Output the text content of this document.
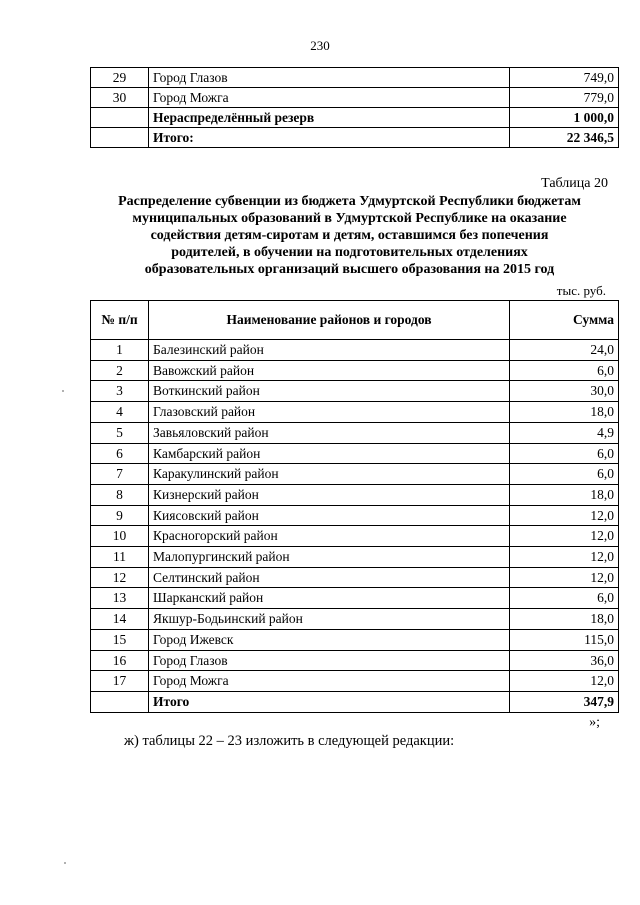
230
29	Город Глазов	749,0
30	Город Можга	779,0
	Нераспределённый резерв	1 000,0
	Итого:	22 346,5
Таблица 20
Распределение субвенции из бюджета Удмуртской Республики бюджетам
муниципальных образований в Удмуртской Республике на оказание
содействия детям-сиротам и детям, оставшимся без попечения
родителей, в обучении на подготовительных отделениях
образовательных организаций высшего образования на 2015 год
тыс. руб.
№ п/п	Наименование районов и городов	Сумма
1	Балезинский район	24,0
2	Вавожский район	6,0
3	Воткинский район	30,0
4	Глазовский район	18,0
5	Завьяловский район	4,9
6	Камбарский район	6,0
7	Каракулинский район	6,0
8	Кизнерский район	18,0
9	Киясовский район	12,0
10	Красногорский район	12,0
11	Малопургинский район	12,0
12	Селтинский район	12,0
13	Шарканский район	6,0
14	Якшур-Бодьинский район	18,0
15	Город Ижевск	115,0
16	Город Глазов	36,0
17	Город Можга	12,0
	Итого	347,9
»;
ж) таблицы 22 – 23 изложить в следующей редакции:
